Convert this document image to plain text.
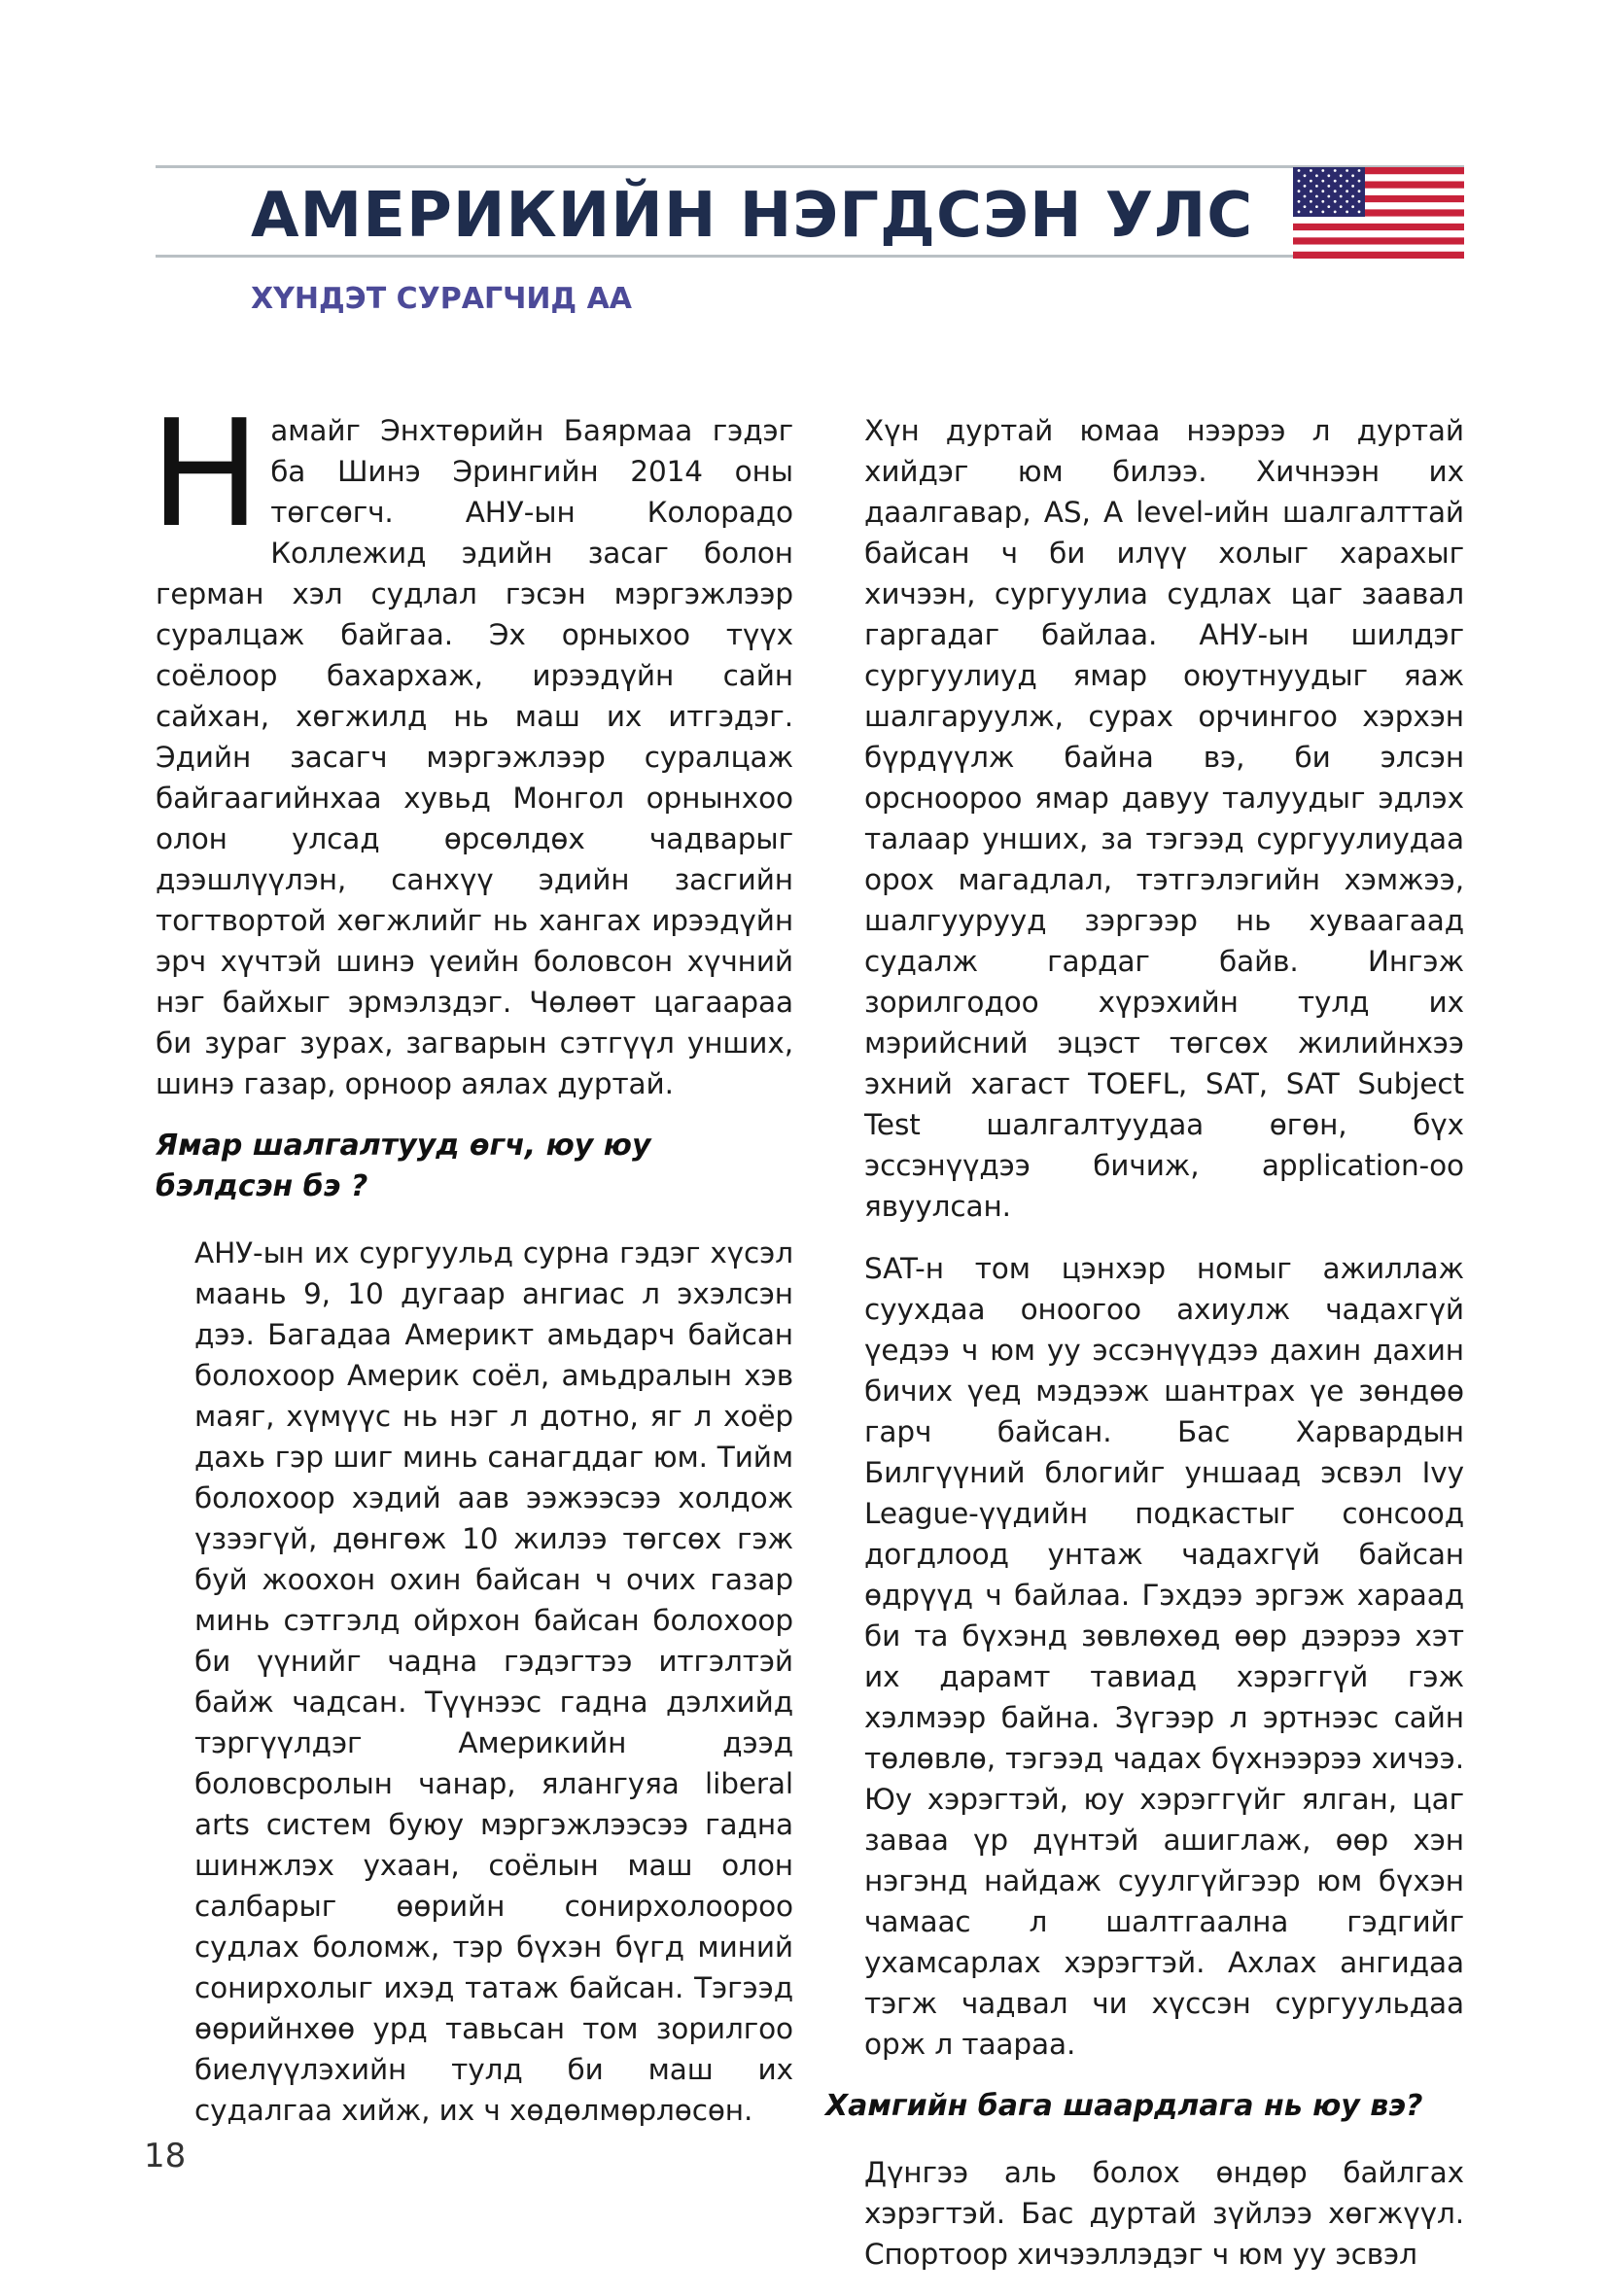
АМЕРИКИЙН НЭГДСЭН УЛС
ХҮНДЭТ СУРАГЧИД АА

Намайг Энхтөрийн Баярмаа гэдэг ба Шинэ Эрингийн 2014 оны төгсөгч. АНУ-ын Колорадо Коллежид эдийн засаг болон герман хэл судлал гэсэн мэргэжлээр суралцаж байгаа. Эх орныхоо түүх соёлоор бахархаж, ирээдүйн сайн сайхан, хөгжилд нь маш их итгэдэг. Эдийн засагч мэргэжлээр суралцаж байгаагийнхаа хувьд Монгол орнынхоо олон улсад өрсөлдөх чадварыг дээшлүүлэн, санхүү эдийн засгийн тогтвортой хөгжлийг нь хангах ирээдүйн эрч хүчтэй шинэ үеийн боловсон хүчний нэг байхыг эрмэлздэг. Чөлөөт цагаараа би зураг зурах, загварын сэтгүүл унших, шинэ газар, орноор аялах дуртай.

Ямар шалгалтууд өгч, юу юу бэлдсэн бэ ?

АНУ-ын их сургуульд сурна гэдэг хүсэл маань 9, 10 дугаар ангиас л эхэлсэн дээ. Багадаа Америкт амьдарч байсан болохоор Америк соёл, амьдралын хэв маяг, хүмүүс нь нэг л дотно, яг л хоёр дахь гэр шиг минь санагддаг юм. Тийм болохоор хэдий аав ээжээсээ холдож үзээгүй, дөнгөж 10 жилээ төгсөх гэж буй жоохон охин байсан ч очих газар минь сэтгэлд ойрхон байсан болохоор би үүнийг чадна гэдэгтээ итгэлтэй байж чадсан. Түүнээс гадна дэлхийд тэргүүлдэг Америкийн дээд боловсролын чанар, ялангуяа liberal arts систем буюу мэргэжлээсээ гадна шинжлэх ухаан, соёлын маш олон салбарыг өөрийн сонирхолоороо судлах боломж, тэр бүхэн бүгд миний сонирхолыг ихэд татаж байсан. Тэгээд өөрийнхөө урд тавьсан том зорилгоо биелүүлэхийн тулд би маш их судалгаа хийж, их ч хөдөлмөрлөсөн.

Хүн дуртай юмаа нээрээ л дуртай хийдэг юм билээ. Хичнээн их даалгавар, AS, A level-ийн шалгалттай байсан ч би илүү холыг харахыг хичээн, сургуулиа судлах цаг заавал гаргадаг байлаа. АНУ-ын шилдэг сургуулиуд ямар оюутнуудыг яаж шалгаруулж, сурах орчингоо хэрхэн бүрдүүлж байна вэ, би элсэн орсноороо ямар давуу талуудыг эдлэх талаар унших, за тэгээд сургуулиудаа орох магадлал, тэтгэлэгийн хэмжээ, шалгуурууд зэргээр нь хуваагаад судалж гардаг байв. Ингэж зорилгодоо хүрэхийн тулд их мэрийсний эцэст төгсөх жилийнхээ эхний хагаст TOEFL, SAT, SAT Subject Test шалгалтуудаа өгөн, бүх эссэнүүдээ бичиж, application-оо явуулсан.

SAT-н том цэнхэр номыг ажиллаж суухдаа оноогоо ахиулж чадахгүй үедээ ч юм уу эссэнүүдээ дахин дахин бичих үед мэдээж шантрах үе зөндөө гарч байсан. Бас Харвардын Билгүүний блогийг уншаад эсвэл Ivy League-үүдийн подкастыг сонсоод догдлоод унтаж чадахгүй байсан өдрүүд ч байлаа. Гэхдээ эргэж хараад би та бүхэнд зөвлөхөд өөр дээрээ хэт их дарамт тавиад хэрэггүй гэж хэлмээр байна. Зүгээр л эртнээс сайн төлөвлө, тэгээд чадах бүхнээрээ хичээ. Юу хэрэгтэй, юу хэрэггүйг ялган, цаг заваа үр дүнтэй ашиглаж, өөр хэн нэгэнд найдаж суулгүйгээр юм бүхэн чамаас л шалтгаална гэдгийг ухамсарлах хэрэгтэй. Ахлах ангидаа тэгж чадвал чи хүссэн сургуульдаа орж л таараа.

Хамгийн бага шаардлага нь юу вэ?

Дүнгээ аль болох өндөр байлгах хэрэгтэй. Бас дуртай зүйлээ хөгжүүл. Спортоор хичээллэдэг ч юм уу эсвэл

18
